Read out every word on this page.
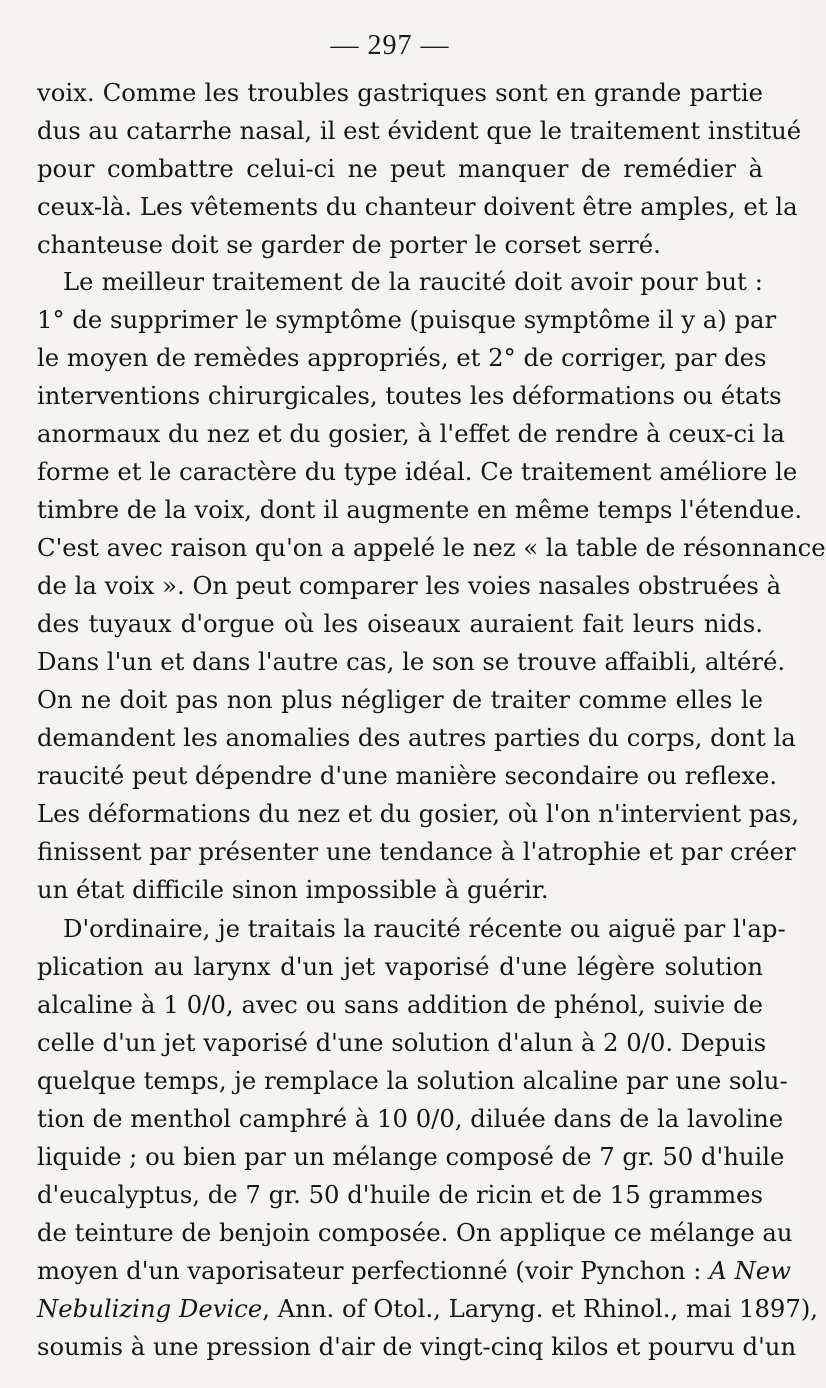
— 297 —
voix. Comme les troubles gastriques sont en grande partie
dus au catarrhe nasal, il est évident que le traitement institué
pour combattre celui-ci ne peut manquer de remédier à
ceux-là. Les vêtements du chanteur doivent être amples, et la
chanteuse doit se garder de porter le corset serré.
Le meilleur traitement de la raucité doit avoir pour but :
1° de supprimer le symptôme (puisque symptôme il y a) par
le moyen de remèdes appropriés, et 2° de corriger, par des
interventions chirurgicales, toutes les déformations ou états
anormaux du nez et du gosier, à l'effet de rendre à ceux-ci la
forme et le caractère du type idéal. Ce traitement améliore le
timbre de la voix, dont il augmente en même temps l'étendue.
C'est avec raison qu'on a appelé le nez « la table de résonnance
de la voix ». On peut comparer les voies nasales obstruées à
des tuyaux d'orgue où les oiseaux auraient fait leurs nids.
Dans l'un et dans l'autre cas, le son se trouve affaibli, altéré.
On ne doit pas non plus négliger de traiter comme elles le
demandent les anomalies des autres parties du corps, dont la
raucité peut dépendre d'une manière secondaire ou reflexe.
Les déformations du nez et du gosier, où l'on n'intervient pas,
finissent par présenter une tendance à l'atrophie et par créer
un état difficile sinon impossible à guérir.
D'ordinaire, je traitais la raucité récente ou aiguë par l'ap-
plication au larynx d'un jet vaporisé d'une légère solution
alcaline à 1 0/0, avec ou sans addition de phénol, suivie de
celle d'un jet vaporisé d'une solution d'alun à 2 0/0. Depuis
quelque temps, je remplace la solution alcaline par une solu-
tion de menthol camphré à 10 0/0, diluée dans de la lavoline
liquide ; ou bien par un mélange composé de 7 gr. 50 d'huile
d'eucalyptus, de 7 gr. 50 d'huile de ricin et de 15 grammes
de teinture de benjoin composée. On applique ce mélange au
moyen d'un vaporisateur perfectionné (voir Pynchon : A New
Nebulizing Device, Ann. of Otol., Laryng. et Rhinol., mai 1897),
soumis à une pression d'air de vingt-cinq kilos et pourvu d'un
